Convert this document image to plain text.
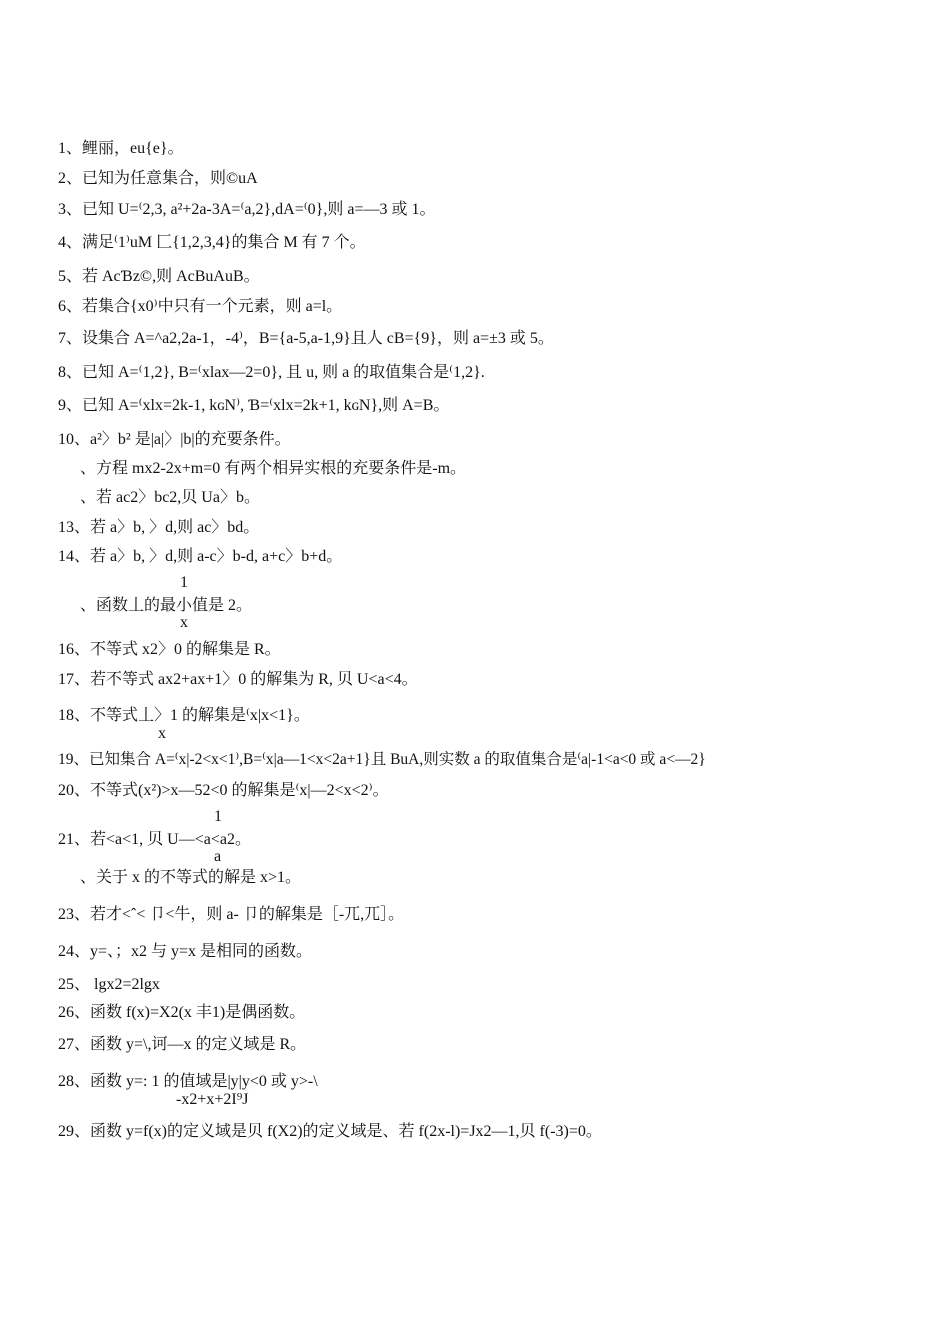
1、鲤丽，eu{e}。
2、已知为任意集合，则©uA
3、已知 U=⁽2,3, a²+2a-3A=⁽a,2},dA=⁽0},则 a=—3 或 1。
4、满足⁽1⁾uM 匚{1,2,3,4}的集合 M 有 7 个。
5、若 AcƁz©,则 AcBuAuB。
6、若集合{x0⁾中只有一个元素，则 a=l。
7、设集合 A=^a2,2a-1，-4⁾，B={a-5,a-1,9}且人 cB={9}，则 a=±3 或 5。
8、已知 A=⁽1,2}, B=⁽xlax—2=0}, 且 u, 则 a 的取值集合是⁽1,2}.
9、已知 A=⁽xlx=2k-1, kɢN⁾, Ɓ=⁽xlx=2k+1, kɢN},则 A=B。
10、a²〉b² 是|a|〉|b|的充要条件。
、方程 mx2-2x+m=0 有两个相异实根的充要条件是-m。
、若 ac2〉bc2,贝 Ua〉b。
13、若 a〉b, 〉d,则 ac〉bd。
14、若 a〉b, 〉d,则 a-c〉b-d, a+c〉b+d。
1
、函数丄的最小值是 2。
x
16、不等式 x2〉0 的解集是 R。
17、若不等式 ax2+ax+1〉0 的解集为 R, 贝 U<a<4。
18、不等式丄〉1 的解集是⁽x|x<1}。
x
19、已知集合 A=⁽x|-2<x<1⁾,B=⁽x|a—1<x<2a+1}且 BuA,则实数 a 的取值集合是⁽a|-1<a<0 或 a<—2}
20、不等式(x²)>x—52<0 的解集是⁽x|—2<x<2⁾。
1
21、若<a<1, 贝 U—<a<a2。
a
、关于 x 的不等式的解是 x>1。
23、若才<ˆ< 卩<牛，则 a- 卩的解集是［-兀,兀］。
24、y=、；x2 与 y=x 是相同的函数。
25、 lgx2=2lgx
26、函数 f(x)=X2(x 丰1)是偶函数。
27、函数 y=\,诃—x 的定义域是 R。
28、函数 y=: 1 的值域是|y|y<0 或 y>-\
-x2+x+2I⁹J
29、函数 y=f(x)的定义域是贝 f(X2)的定义域是、若 f(2x-l)=Jx2—1,贝 f(-3)=0。
